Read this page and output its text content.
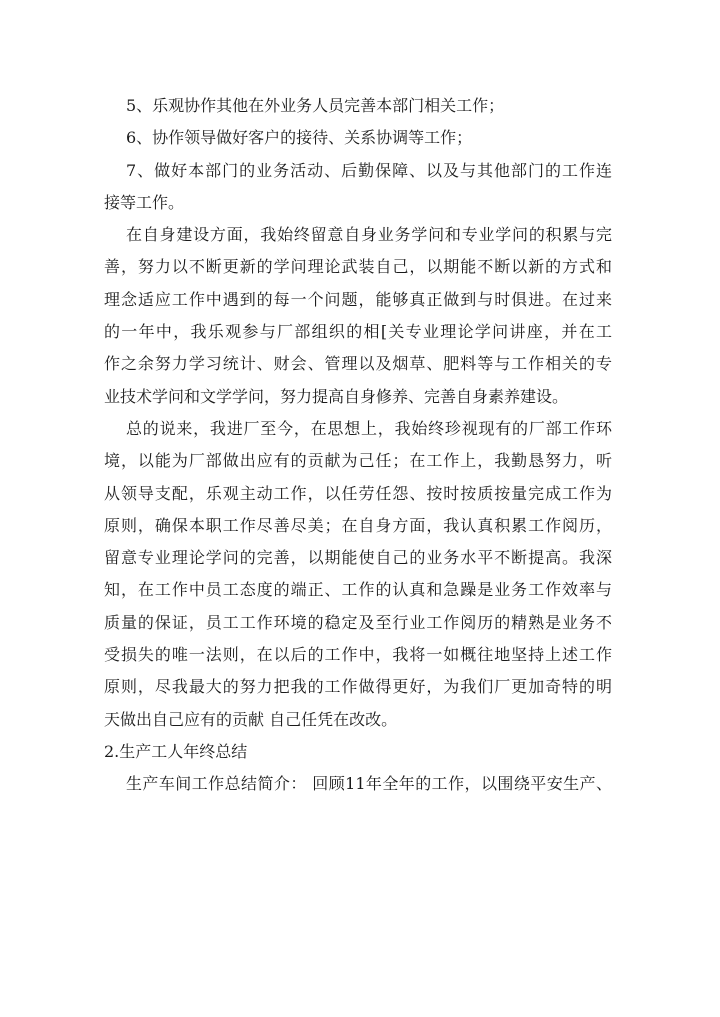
5、乐观协作其他在外业务人员完善本部门相关工作；
6、协作领导做好客户的接待、关系协调等工作；
7、做好本部门的业务活动、后勤保障、以及与其他部门的工作连
接等工作。
在自身建设方面，我始终留意自身业务学问和专业学问的积累与完
善，努力以不断更新的学问理论武装自己，以期能不断以新的方式和
理念适应工作中遇到的每一个问题，能够真正做到与时俱进。在过来
的一年中，我乐观参与厂部组织的相[关专业理论学问讲座，并在工
作之余努力学习统计、财会、管理以及烟草、肥料等与工作相关的专
业技术学问和文学学问，努力提高自身修养、完善自身素养建设。
总的说来，我进厂至今，在思想上，我始终珍视现有的厂部工作环
境，以能为厂部做出应有的贡献为己任；在工作上，我勤恳努力，听
从领导支配，乐观主动工作，以任劳任怨、按时按质按量完成工作为
原则，确保本职工作尽善尽美；在自身方面，我认真积累工作阅历，
留意专业理论学问的完善，以期能使自己的业务水平不断提高。我深
知，在工作中员工态度的端正、工作的认真和急躁是业务工作效率与
质量的保证，员工工作环境的稳定及至行业工作阅历的精熟是业务不
受损失的唯一法则，在以后的工作中，我将一如概往地坚持上述工作
原则，尽我最大的努力把我的工作做得更好，为我们厂更加奇特的明
天做出自己应有的贡献 自己任凭在改改。
2.生产工人年终总结
生产车间工作总结简介： 回顾11年全年的工作，以围绕平安生产、
